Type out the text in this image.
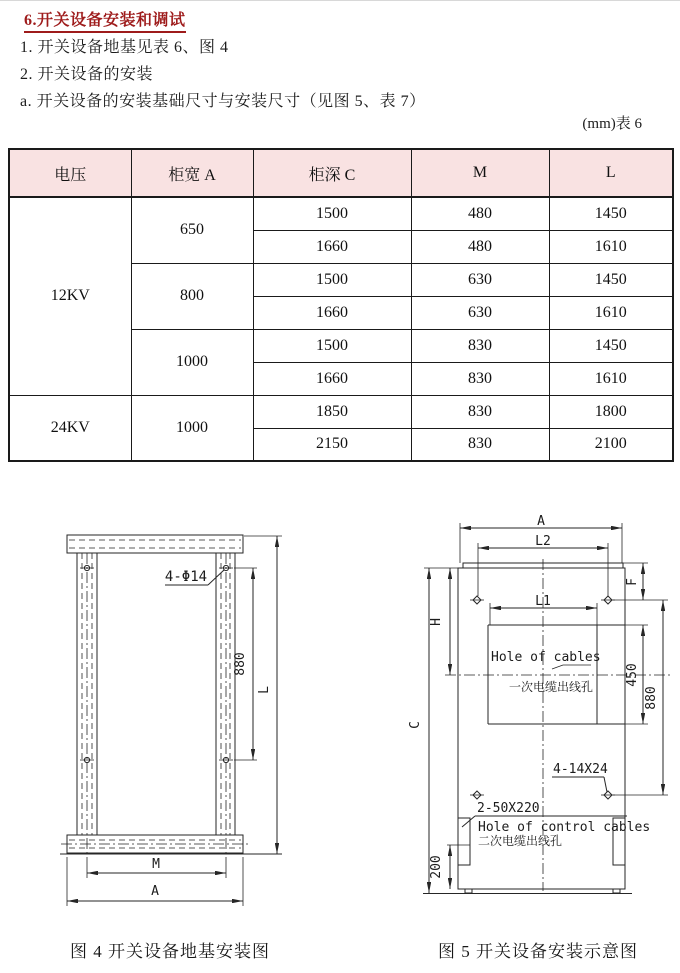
6.开关设备安装和调试
1. 开关设备地基见表 6、图 4
2. 开关设备的安装
a. 开关设备的安装基础尺寸与安装尺寸（见图 5、表 7）
(mm)表 6
电压	柜宽 A	柜深 C	M	L
12KV	650	1500	480	1450
		1660	480	1610
	800	1500	630	1450
		1660	630	1610
	1000	1500	830	1450
		1660	830	1610
24KV	1000	1850	830	1800
		2150	830	2100
4-Φ14
880
L
M
A
图 4 开关设备地基安装图
A
L2
C
H
L1
Hole of cables
一次电缆出线孔
450
880
F
4-14X24
2-50X220
Hole of control cables
二次电缆出线孔
200
图 5 开关设备安装示意图
